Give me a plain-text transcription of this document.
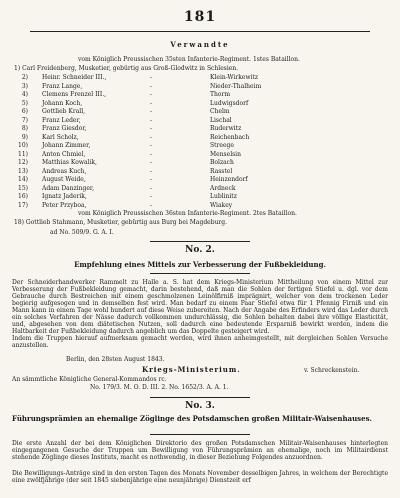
181
Verwandte
vom Königlich Preussischen 35sten Infanterie-Regiment. 1stes Bataillon.
1) Carl Freidenberg, Musketier, gebürtig aus Groß-Glodwitz in Schlesien.
2) Heinr. Schneider III.,	-	Klein-Wirkewitz
3) Franz Lange,	-	Nieder-Thalheim
4) Clemens Frenzel III.,	-	Thorm
5) Johann Koch,	-	Ludwigsdorf
6) Gottlieb Krall,	-	Chelm
7) Franz Leder,	-	Lischal
8) Franz Giesdor,	-	Ruderwitz
9) Karl Scholz,	-	Reichenbach
10) Johann Zimmer,	-	Streege
11) Anton Chmiel,	-	Menselsin
12) Matthias Kowalik,	-	Bolzach
13) Andreas Kuch,	-	Rasstel
14) August Weide,	-	Heinzendorf
15) Adam Danzinger,	-	Ardneck
16) Ignatz Jaderik,	-	Lublinitz
17) Peter Przyboa,	-	Wiakey
vom Königlich Preussischen 36sten Infanterie-Regiment. 2tes Bataillon.
18) Gottlieb Stahmann, Musketier, gebürtig aus Burg bei Magdeburg.
ad No. 509/9. G. A. I.
No. 2.
Empfehlung eines Mittels zur Verbesserung der Fußbekleidung.
Der Schneiderhandwerker Rammelt zu Halle a. S. hat dem Kriegs-Ministerium Mittheilung von einem Mittel zur Verbesserung der Fußbekleidung gemacht, darin bestehend, daß man die Sohlen der fertigen Stiefel u. dgl. vor dem Gebrauche durch Bestreichen mit einem geschmolzenen Leinölfirniß imprägnirt, welcher von dem trockenen Leder begierig aufgesogen und in demselben fest wird. Man bedarf zu einem Paar Stiefel etwa für 1 Pfennig Firniß und ein Mann kann in einem Tage wohl hundert auf diese Weise zubereiten. Nach der Angabe des Erfinders wird das Leder durch ein solches Verfahren der Nässe dadurch vollkommen undurchlässig, die Sohlen behalten dabei ihre völlige Elasticität, und, abgesehen von dem diätetischen Nutzen, soll dadurch eine bedeutende Ersparniß bewirkt werden, indem die Haltbarkeit der Fußbekleidung dadurch angeblich um das Doppelte gesteigert wird.
Indem die Truppen hierauf aufmerksam gemacht werden, wird ihnen anheimgestellt, mit dergleichen Sohlen Versuche anzustellen.
Berlin, den 28sten August 1843.
Kriegs-Ministerium.	v. Schreckenstein.
An sämmtliche Königliche General-Kommandos rc.
No. 179/3. M. O. D. III. 2. No. 1652/3. A. A. 1.
No. 3.
Führungsprämien an ehemalige Zöglinge des Potsdamschen großen Militair-Waisenhauses.
Die erste Anzahl der bei dem Königlichen Direktorio des großen Potsdamschen Militair-Waisenhauses hinterlegten eingegangenen Gesuche der Truppen um Bewilligung von Führungsprämien an ehemalige, noch im Militairdienst stehende Zöglinge dieses Instituts, macht es nothwendig, in dieser Beziehung Folgendes anzuordnen.
Die Bewilligungs-Anträge sind in den ersten Tagen des Monats November desselbigen Jahres, in welchem der Berechtigte eine zwölfjährige (der seit 1845 siebenjährige eine neunjährige) Dienstzeit erf
